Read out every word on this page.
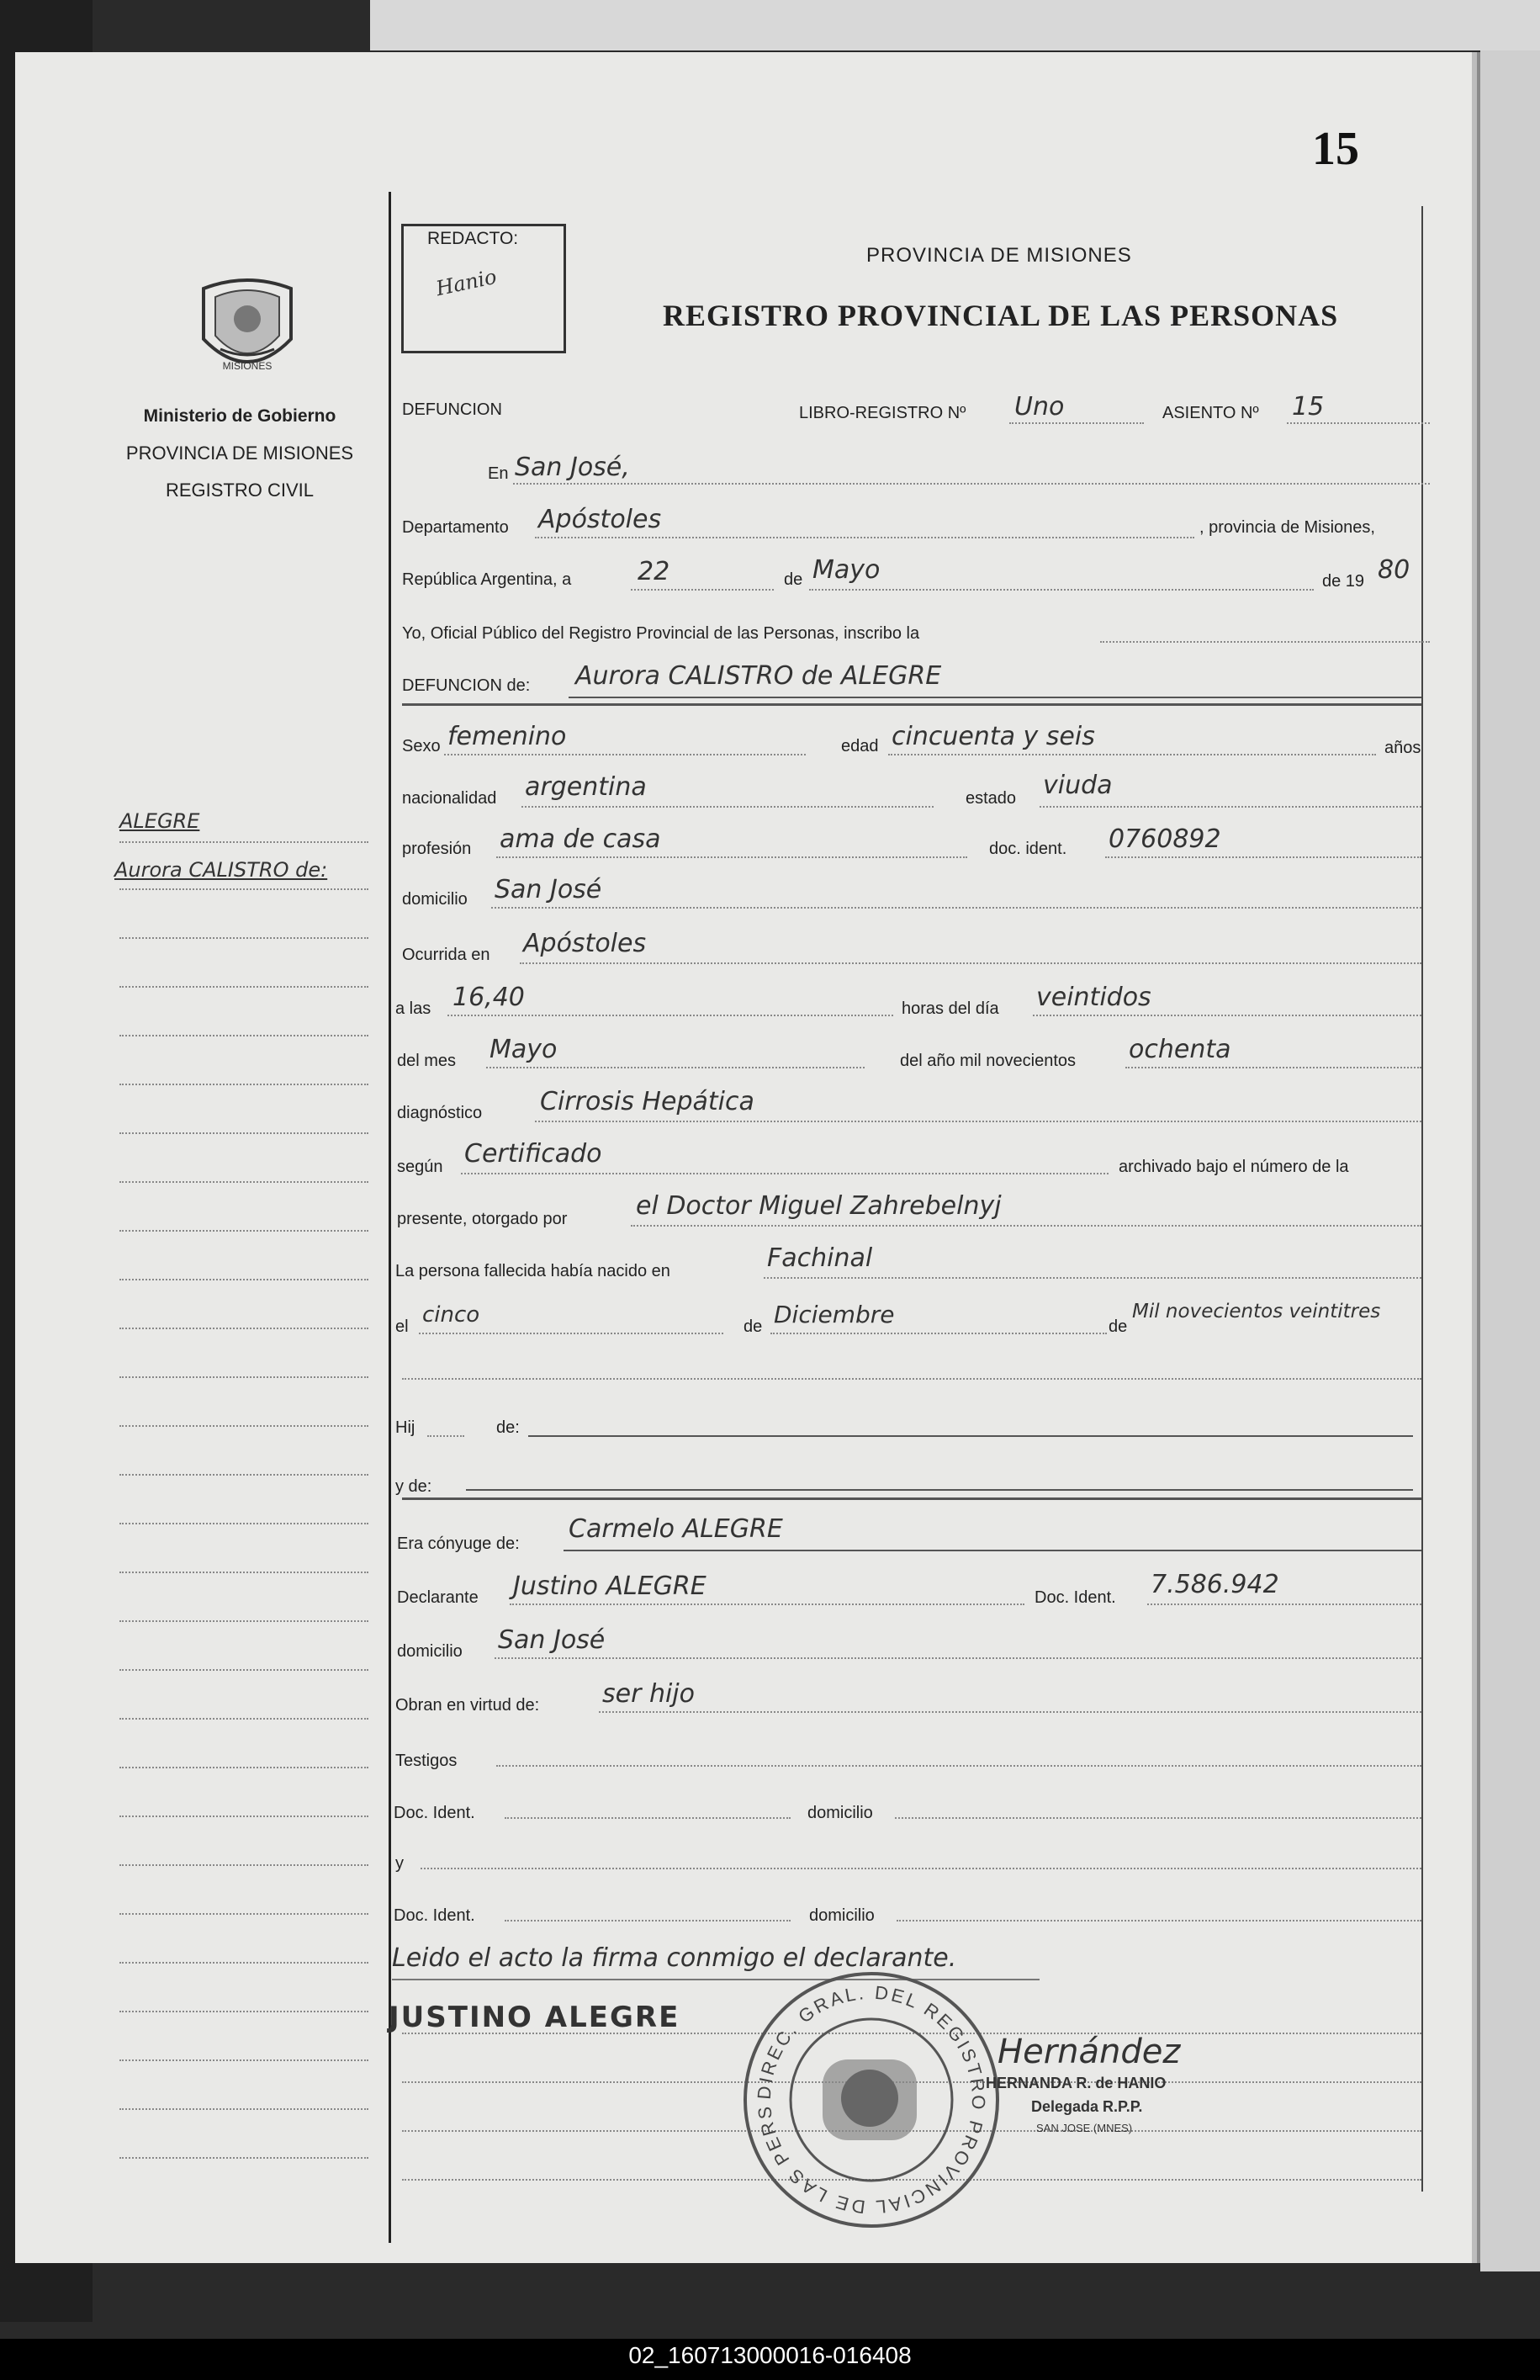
15
REDACTO:
Hanio
MISIONES
Ministerio de Gobierno
PROVINCIA DE MISIONES
REGISTRO CIVIL
PROVINCIA DE MISIONES
REGISTRO PROVINCIAL DE LAS PERSONAS
ALEGRE
Aurora CALISTRO de:
DEFUNCION	LIBRO-REGISTRO Nº Uno	ASIENTO Nº 15
En San José,
Departamento Apóstoles	, provincia de Misiones,
República Argentina, a	22	de Mayo	de 19 80
Yo, Oficial Público del Registro Provincial de las Personas, inscribo la
DEFUNCION de: Aurora CALISTRO de ALEGRE
Sexo femenino	edad cincuenta y seis	años
nacionalidad argentina	estado viuda
profesión ama de casa	doc. ident. 0760892
domicilio San José
Ocurrida en Apóstoles
a las 16,40	horas del día veintidos
del mes Mayo	del año mil novecientos ochenta
diagnóstico Cirrosis Hepática
según Certificado	archivado bajo el número de la
presente, otorgado por	el Doctor Miguel Zahrebelnyj
La persona fallecida había nacido en	Fachinal
el cinco	de Diciembre	de
Mil novecientos veintitres
Hij	de:
y de:
Era cónyuge de: Carmelo ALEGRE
Declarante Justino ALEGRE	Doc. Ident. 7.586.942
domicilio San José
Obran en virtud de: ser hijo
Testigos
Doc. Ident.	domicilio
y
Doc. Ident.	domicilio
Leido el acto la firma conmigo el declarante.
JUSTINO ALEGRE
DIREC. GRAL. DEL REGISTRO PROVINCIAL DE LAS PERS
Hernández
HERNANDA R. de HANIO
Delegada R.P.P.
SAN JOSE (MNES)
02_160713000016-016408
